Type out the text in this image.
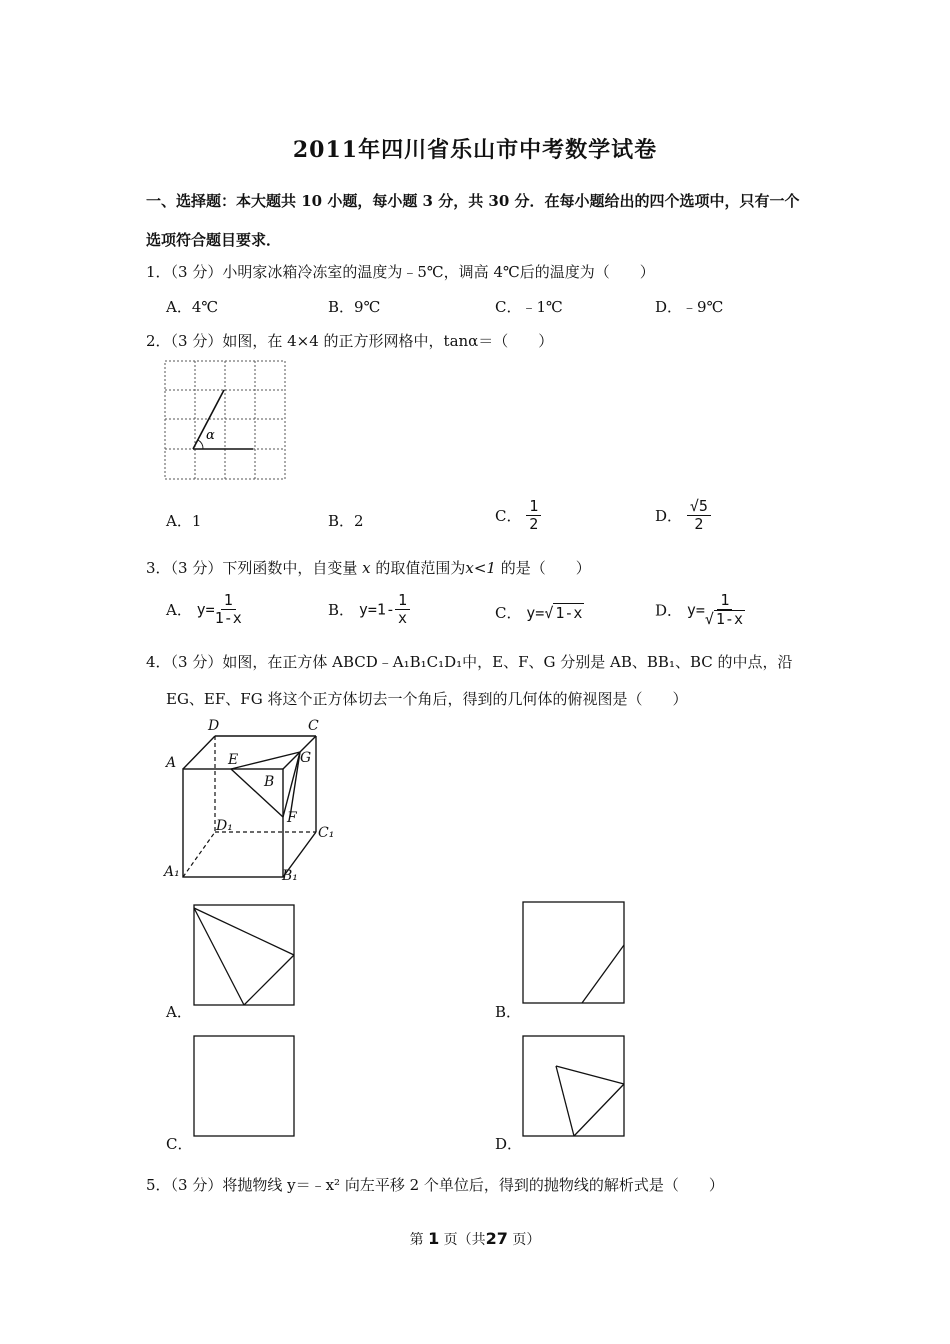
2011年四川省乐山市中考数学试卷
一、选择题：本大题共 10 小题，每小题 3 分，共 30 分．在每小题给出的四个选项中，只有一个
选项符合题目要求．
1．（3 分）小明家冰箱冷冻室的温度为﹣5℃，调高 4℃后的温度为（　　）
A．4℃	B．9℃	C．﹣1℃	D．﹣9℃
2．（3 分）如图，在 4×4 的正方形网格中，tanα＝（　　）
α
A．1	B．2	C． $\frac{1}{2}$	D． $\frac{√5}{2}$
3．（3 分）下列函数中，自变量 x 的取值范围为x<1 的是（　　）
A． $y= \frac{1}{1-x}$	B． $y=1- \frac{1}{x}$	C． y=√ 1-x	D． $y= \frac{1}{√ 1-x}$
4．（3 分）如图，在正方体 ABCD﹣A₁B₁C₁D₁中，E、F、G 分别是 AB、BB₁、BC 的中点，沿
EG、EF、FG 将这个正方体切去一个角后，得到的几何体的俯视图是（　　）
D	C
A	E	G
B
F
D₁	C₁
A₁	B₁
A．	B．
C．	D．
5．（3 分）将抛物线 y＝﹣x² 向左平移 2 个单位后，得到的抛物线的解析式是（　　）
第 1 页（共27 页）
